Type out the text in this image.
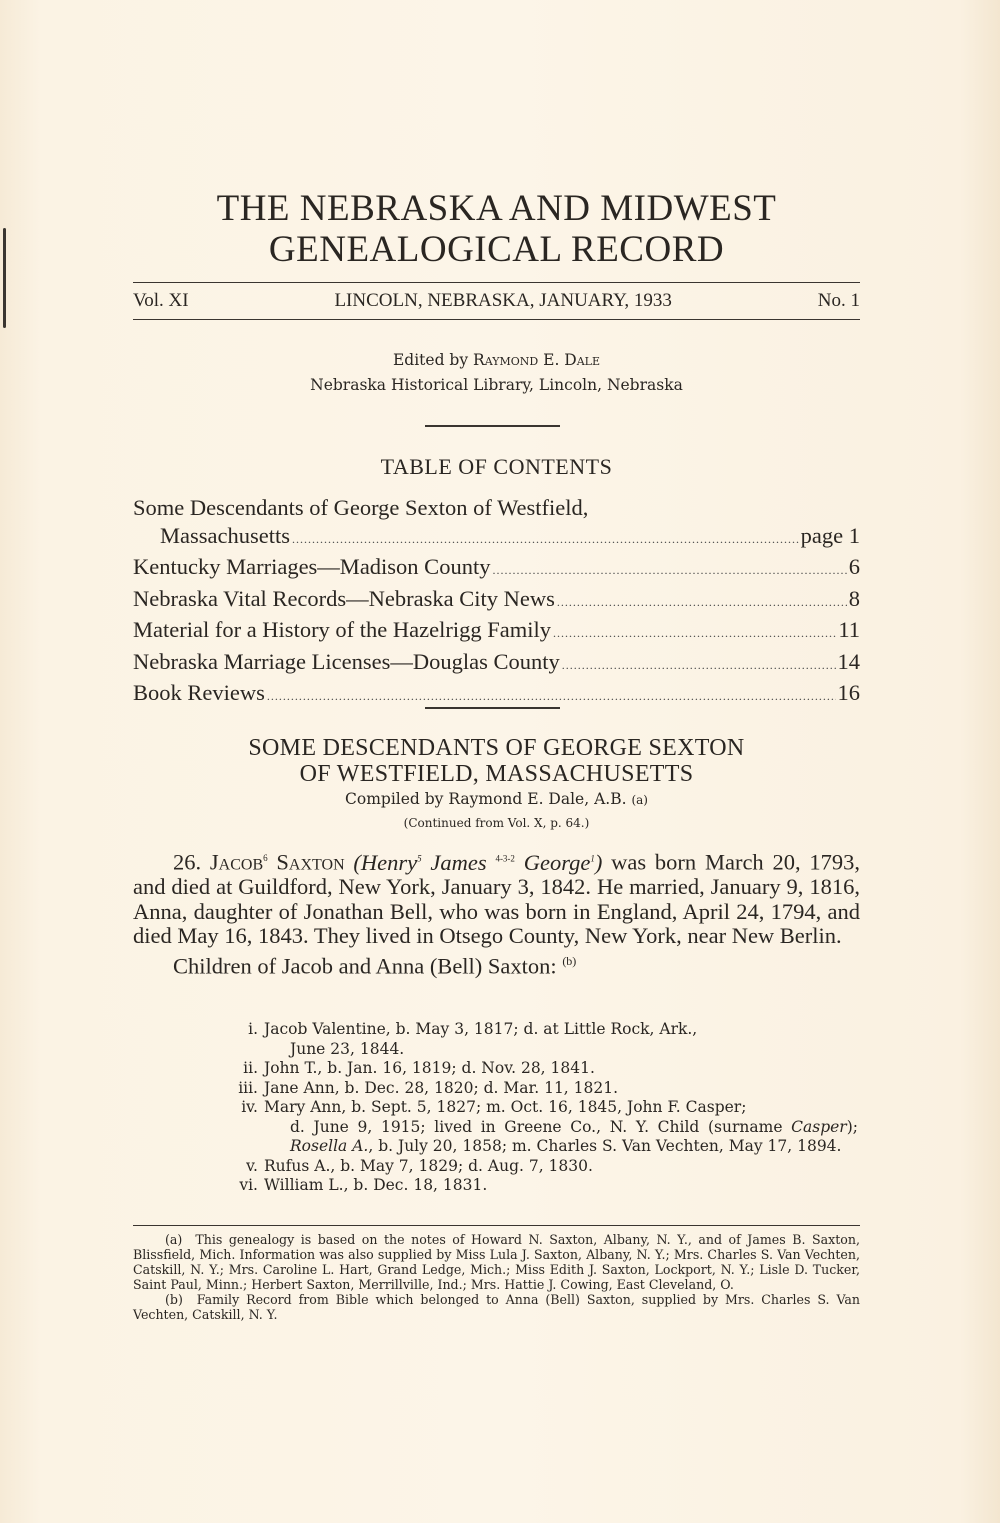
THE NEBRASKA AND MIDWEST
GENEALOGICAL RECORD
Vol. XI	LINCOLN, NEBRASKA, JANUARY, 1933	No. 1
Edited by Raymond E. Dale
Nebraska Historical Library, Lincoln, Nebraska
TABLE OF CONTENTS
Some Descendants of George Sexton of Westfield,
Massachusetts .....	page 1
Kentucky Marriages—Madison County .....	6
Nebraska Vital Records—Nebraska City News .....	8
Material for a History of the Hazelrigg Family .....	11
Nebraska Marriage Licenses—Douglas County .....	14
Book Reviews .....	16
SOME DESCENDANTS OF GEORGE SEXTON
OF WESTFIELD, MASSACHUSETTS
Compiled by Raymond E. Dale, A.B. (a)
(Continued from Vol. X, p. 64.)

26. Jacob$^6$ Saxton (Henry$^5$ James $^{4-3-2}$ George$^1$) was born March 20, 1793, and died at Guildford, New York, January 3, 1842. He married, January 9, 1816, Anna, daughter of Jonathan Bell, who was born in England, April 24, 1794, and died May 16, 1843. They lived in Otsego County, New York, near New Berlin.

Children of Jacob and Anna (Bell) Saxton: $^{(b)}$
i. Jacob Valentine, b. May 3, 1817; d. at Little Rock, Ark.,
June 23, 1844.
ii. John T., b. Jan. 16, 1819; d. Nov. 28, 1841.
iii. Jane Ann, b. Dec. 28, 1820; d. Mar. 11, 1821.
iv. Mary Ann, b. Sept. 5, 1827; m. Oct. 16, 1845, John F. Casper;
d. June 9, 1915; lived in Greene Co., N. Y. Child (surname Casper); Rosella A., b. July 20, 1858; m. Charles S. Van Vechten, May 17, 1894.
v. Rufus A., b. May 7, 1829; d. Aug. 7, 1830.
vi. William L., b. Dec. 18, 1831.

(a) This genealogy is based on the notes of Howard N. Saxton, Albany, N. Y., and of James B. Saxton, Blissfield, Mich. Information was also supplied by Miss Lula J. Saxton, Albany, N. Y.; Mrs. Charles S. Van Vechten, Catskill, N. Y.; Mrs. Caroline L. Hart, Grand Ledge, Mich.; Miss Edith J. Saxton, Lockport, N. Y.; Lisle D. Tucker, Saint Paul, Minn.; Herbert Saxton, Merrillville, Ind.; Mrs. Hattie J. Cowing, East Cleveland, O.

(b) Family Record from Bible which belonged to Anna (Bell) Saxton, supplied by Mrs. Charles S. Van Vechten, Catskill, N. Y.
